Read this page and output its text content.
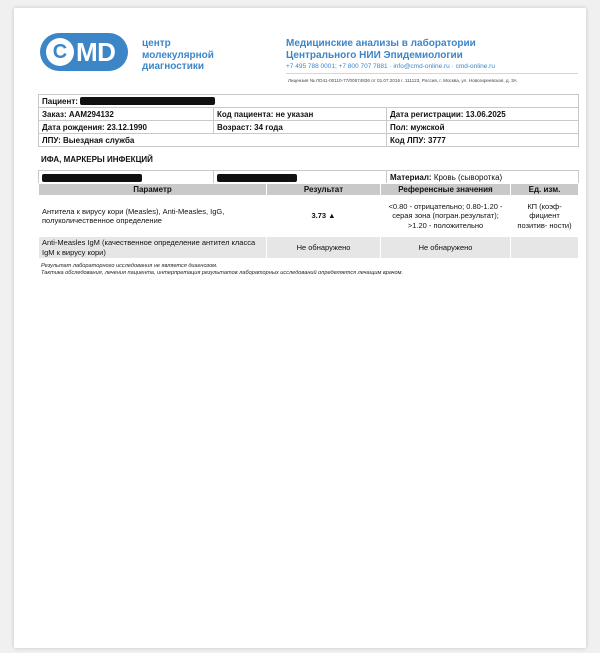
C MD	центр
молекулярной
диагностики
Медицинские анализы в лаборатории
Центрального НИИ Эпидемиологии
+7 495 788 0001; +7 800 707 7881 · info@cmd-online.ru · cmd-online.ru
Лицензия № ЛО41-00110-77/00574836 от 01.07.2016 г. 111123, Россия, г. Москва, ул. Новогиреевская, д. 3А
Пациент:		
Заказ: AAM294132	Код пациента: не указан	Дата регистрации: 13.06.2025
Дата рождения: 23.12.1990	Возраст: 34 года	Пол: мужской
ЛПУ: Выездная служба		Код ЛПУ: 3777
ИФА, МАРКЕРЫ ИНФЕКЦИЙ
		Материал: Кровь (сыворотка)
Параметр	Результат	Референсные значения	Ед. изм.
Антитела к вирусу кори (Measles), Anti-Measles, IgG, полуколичественное определение	3.73 ▲	<0.80 - отрицательно; 0.80-1.20 - серая зона (погран.результат); >1.20 - положительно	КП (коэф- фициент позитив- ности)
Anti-Measles IgM (качественное определение антител класса IgM к вирусу кори)	Не обнаружено	Не обнаружено	
Результат лабораторного исследования не является диагнозом.
Тактика обследования, лечения пациента, интерпретация результатов лабораторных исследований определяется лечащим врачом.
